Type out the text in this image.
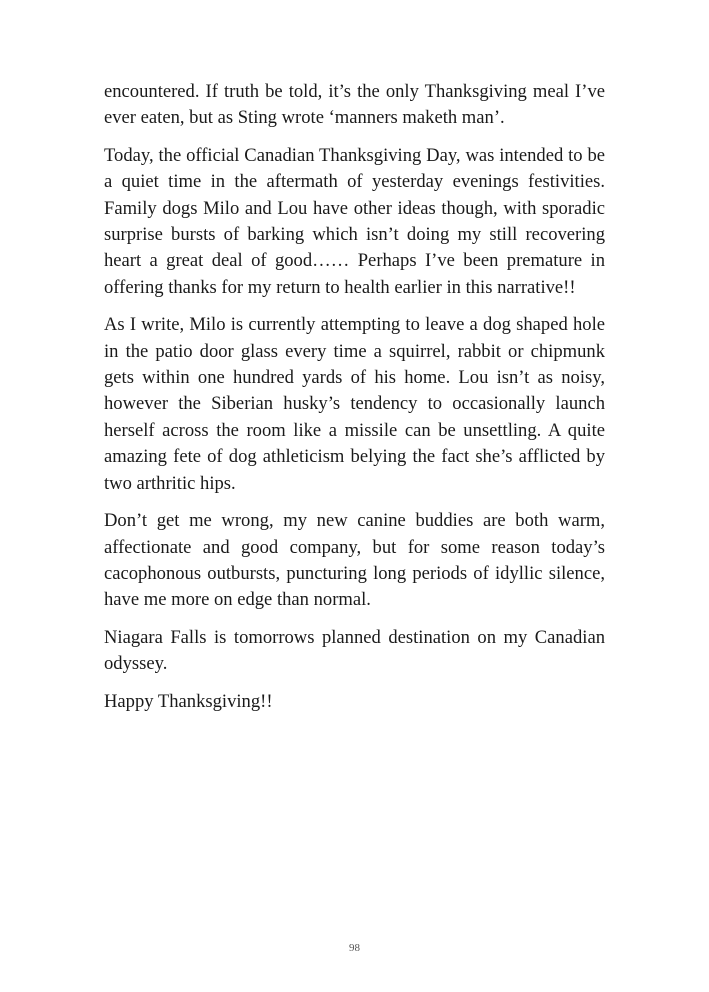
encountered. If truth be told, it’s the only Thanksgiving meal I’ve ever eaten, but as Sting wrote ‘manners maketh man’.

Today, the official Canadian Thanksgiving Day, was intended to be a quiet time in the aftermath of yesterday evenings festivities. Family dogs Milo and Lou have other ideas though, with sporadic surprise bursts of barking which isn’t doing my still recovering heart a great deal of good…… Perhaps I’ve been premature in offering thanks for my return to health earlier in this narrative!!

As I write, Milo is currently attempting to leave a dog shaped hole in the patio door glass every time a squirrel, rabbit or chipmunk gets within one hundred yards of his home. Lou isn’t as noisy, however the Siberian husky’s tendency to occasionally launch herself across the room like a missile can be unsettling. A quite amazing fete of dog athleticism belying the fact she’s afflicted by two arthritic hips.

Don’t get me wrong, my new canine buddies are both warm, affectionate and good company, but for some reason today’s cacophonous outbursts, puncturing long periods of idyllic silence, have me more on edge than normal.

Niagara Falls is tomorrows planned destination on my Canadian odyssey.

Happy Thanksgiving!!

98
